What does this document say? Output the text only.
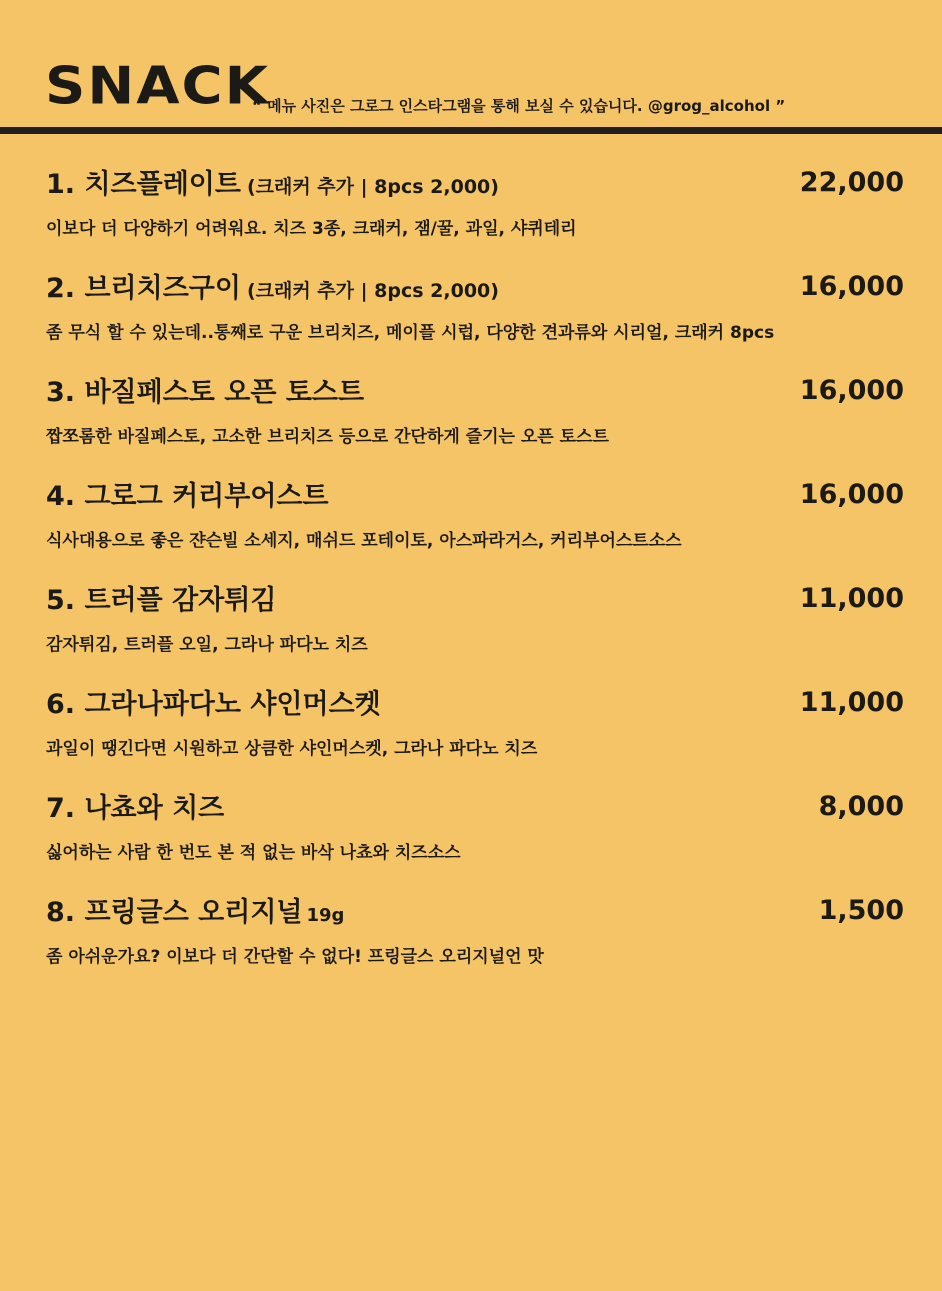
SNACK
“ 메뉴 사진은 그로그 인스타그램을 통해 보실 수 있습니다. @grog_alcohol ”
1. 치즈플레이트 (크래커 추가 | 8pcs 2,000)	22,000
이보다 더 다양하기 어려워요. 치즈 3종, 크래커, 잼/꿀, 과일, 샤퀴테리
2. 브리치즈구이 (크래커 추가 | 8pcs 2,000)	16,000
좀 무식 할 수 있는데..통째로 구운 브리치즈, 메이플 시럽, 다양한 견과류와 시리얼, 크래커 8pcs
3. 바질페스토 오픈 토스트	16,000
짭쪼롬한 바질페스토, 고소한 브리치즈 등으로 간단하게 즐기는 오픈 토스트
4. 그로그 커리부어스트	16,000
식사대용으로 좋은 쟌슨빌 소세지, 매쉬드 포테이토, 아스파라거스, 커리부어스트소스
5. 트러플 감자튀김	11,000
감자튀김, 트러플 오일, 그라나 파다노 치즈
6. 그라나파다노 샤인머스켓	11,000
과일이 땡긴다면 시원하고 상큼한 샤인머스켓, 그라나 파다노 치즈
7. 나쵸와 치즈	8,000
싫어하는 사람 한 번도 본 적 없는 바삭 나쵸와 치즈소스
8. 프링글스 오리지널 19g	1,500
좀 아쉬운가요? 이보다 더 간단할 수 없다! 프링글스 오리지널언 맛
